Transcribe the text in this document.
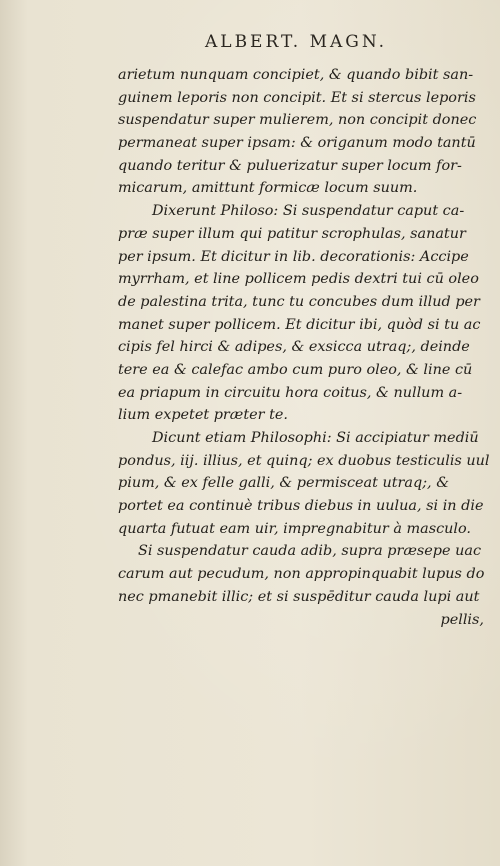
ALBERT. MAGN.
arietum nunquam concipiet, & quando bibit san-
guinem leporis non concipit. Et si stercus leporis
suspendatur super mulierem, non concipit donec
permaneat super ipsam: & origanum modo tantū
quando teritur & puluerizatur super locum for-
micarum, amittunt formicæ locum suum.
Dixerunt Philoso: Si suspendatur caput ca-
præ super illum qui patitur scrophulas, sanatur
per ipsum. Et dicitur in lib. decorationis: Accipe
myrrham, et line pollicem pedis dextri tui cū oleo
de palestina trita, tunc tu concubes dum illud per
manet super pollicem. Et dicitur ibi, quòd si tu ac
cipis fel hirci & adipes, & exsicca utraq;, deinde
tere ea & calefac ambo cum puro oleo, & line cū
ea priapum in circuitu hora coitus, & nullum a-
lium expetet præter te.
Dicunt etiam Philosophi: Si accipiatur mediū
pondus, iij. illius, et quinq; ex duobus testiculis uul
pium, & ex felle galli, & permisceat utraq;, &
portet ea continuè tribus diebus in uulua, si in die
quarta futuat eam uir, impregnabitur à masculo.
Si suspendatur cauda adib, supra præsepe uac
carum aut pecudum, non appropinquabit lupus do
nec pmanebit illic; et si suspēditur cauda lupi aut
pellis,
